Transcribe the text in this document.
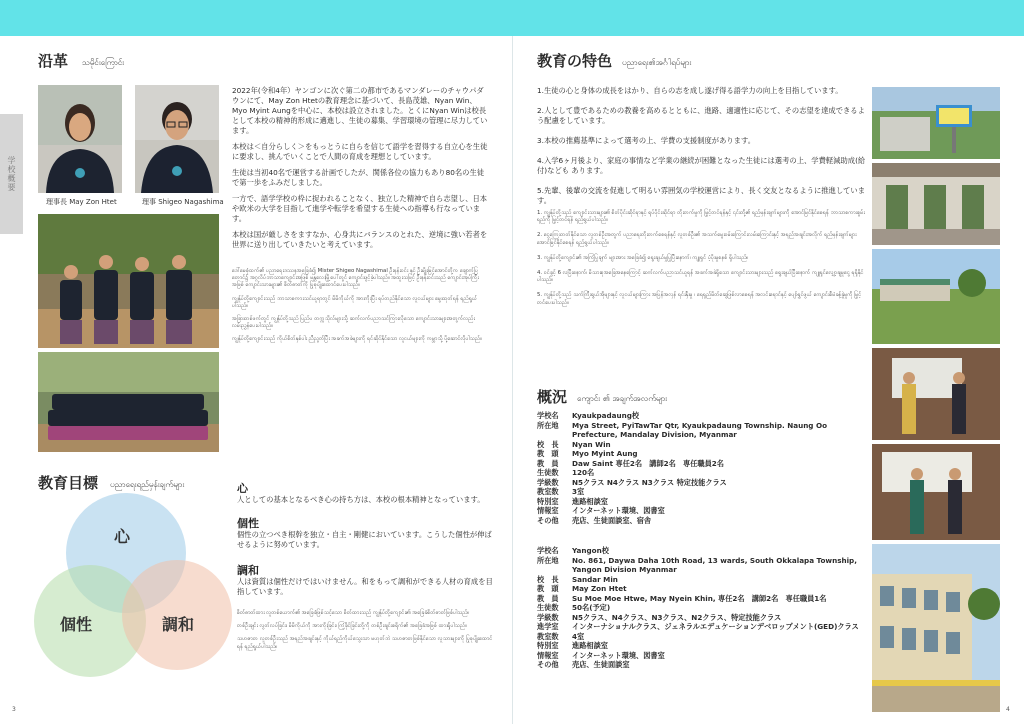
学校概要
沿革 သမိုင်းကြောင်း
理事長 May Zon Htet	理事 Shigeo Nagashima

2022年(令和4年）ヤンゴンに次ぐ第二の都市であるマンダレーのチャウパダウンにて、May Zon Htetの教育理念に基づいて、長島茂雄、Nyan Win、 Myo Myint Aungを中心に、本校は設立されました。とくにNyan Winは校長として本校の精神的形成に邁進し、生徒の募集、学習環境の管理に尽力しています。

本校は＜自分らしく＞をもっとうに自らを信じて語学を習得する自立心を生徒に要求し、挑んでいくことで人間の育成を理想としています。

生徒は当初40名で運営する計画でしたが、関係各位の協力もあり80名の生徒で第一歩をふみだしました。

一方で、語学学校の枠に捉われることなく、独立した精神で自ら志望し、日本や欧米の大学を目指して進学や転学を希望する生徒への指導も行なっています。

本校は国が厳しさをますなか、心身共にバランスのとれた、逆境に強い若者を世界に送り出していきたいと考えています。

ဒေါ်မေစုံထက်၏ ပညာရေးဒဿနအခြေခံ၍ Mister Shigeo Nagashimal ဦးနန်းဝင်း နှင့် ဦးမျိုးမြင့်အောင်တို့က ချောက်ပြတောင်၌ အဂ္ဂလိပ်ဘာသာကျောင်းအဖြစ် မန္တလေးမြို့ပေါ်တွင် ကျောင်းဖွင့်ခဲ့ပါသည်။ အထူးသဖြင့် ဦးနန်းဝင်းသည် ကျောင်းအုပ်ကြီးအဖြစ် ကျောင်းသားများ၏ စိတ်ဓာတ်ကို ပြုစုပျိုးထောင်ပေးပါသည်။

ကျွန်ုပ်တို့ကျောင်းသည် ဘာသာစကားသင်ယူရာတွင် မိမိကိုယ်ကို အားကိုးပြီး ရပ်တည်နိုင်သော လူငယ်များ မွေးထုတ်ရန် ရည်ရွယ်ပါသည်။

အခြားတစ်ဖက်တွင် ကျွန်ုပ်တို့သည် ပြည်ပ တက္ကသိုလ်များသို့ ဆက်လက်ပညာသင်ကြားလိုသော ကျောင်းသားများအတွက်လည်း လမ်းညွှန်ပေးပါသည်။

ကျွန်ုပ်တို့ကျောင်းသည် ကိုယ်စိတ်နှစ်ပါး ညီညွတ်ပြီး အခက်အခဲများကို ရင်ဆိုင်နိုင်သော လူငယ်များကို ကမ္ဘာသို့ ပို့ဆောင်လိုပါသည်။

教育目標 ပညာရေးရည်မှန်းချက်များ
心
個性	調和
心
人としての基本となるべき心の持ち方は、本校の根本精神となっています。
個性
個性の立つべき根幹を独立・自主・剛健においています。こうした個性が伸ばせるように努めています。
調和
人は資質は個性だけではいけません。和をもって調和ができる人材の育成を目指しています。

စိတ်ဓာတ်ထား လူတစ်ယောက်၏ အခြေခံဖြစ်သင့်သော စိတ်ထားသည် ကျွန်ုပ်တို့ကျောင်း၏ အခြေခံစိတ်ဓာတ်ဖြစ်ပါသည်။

တစ်ဦးချင်း လွတ်လပ်ခြင်း၊ မိမိကိုယ်ကို အားကိုးခြင်း၊ ကြံ့ခိုင်ခြင်းတို့ကို တစ်ဦးချင်းစရိုက်၏ အခြေခံအဖြစ် ထားရှိပါသည်။

သဟဇာတ လူတစ်ဦးသည် အရည်အချင်းနှင့် ကိုယ်ရည်ကိုယ်သွေးသာ မဟုတ်ဘဲ သဟဇာတဖြစ်နိုင်သော လူသားများကို ပြုစုပျိုးထောင်ရန် ရည်ရွယ်ပါသည်။

3
教育の特色 ပညာရေး၏အင်္ဂါရပ်များ

1.生徒の心と身体の成長をはかり、自らの志を成し遂げ得る語学力の向上を目指しています。

2.人として豊であるための教養を高めるとともに、進路、適適性に応じて、その志望を達成できるよう配慮をしています。

3.本校の推薦基準によって選考の上、学費の支援制度があります。

4.入学6ヶ月後より、家庭の事情など学業の継続が困難となった生徒には選考の上、学費軽減助成(給付)なども あります。

5.先輩、後輩の交流を促進して明るい雰囲気の学校運営により、長く交友となるように推進しています。

1. ကျွန်ုပ်တို့သည် ကျောင်းသားများ၏ စိတ်ပိုင်းဆိုင်ရာနှင့် ရုပ်ပိုင်းဆိုင်ရာ တိုးတက်မှုကို မြှင့်တင်ရန်နှင့် ၎င်းတို့၏ ရည်မှန်းချက်များကို အောင်မြင်နိုင်စေရန် ဘာသာစကားစွမ်းရည်ကို မြှင့်တင်ရန် ရည်ရွယ်ပါသည်။

2. ငွေကြေးတတ်နိုင်သော လူတစ်ဦးအတွက် ပညာရေးတိုးတက်စေရန်နှင့် လူတစ်ဦး၏ အသက်မွေးဝမ်းကြောင်းလမ်းကြောင်းနှင့် အရည်အချင်းအလိုက် ရည်မှန်းချက်များ အောင်မြင်နိုင်စေရန် ရည်ရွယ်ပါသည်။

3. ကျွန်ုပ်တို့ကျောင်း၏ အကြံပြုချက် များအား အခြေခံ၍ ရွေးချယ်မှုပြုပြီးနောက်၊ ကျူရှင် ပံ့ပိုးမှုစနစ် ရှိပါသည်။

4. ဝင်ခွင့် 6 လပြီးနောက်၊ မိသားစုအခြေအနေကြောင့် ဆက်လက်ပညာသင်ယူရန် အခက်အခဲရှိသော ကျောင်းသားများသည် ရွေးချယ်ပြီးနောက် ကျူရှင်လျှော့ချမှုငွေ ရရှိနိုင်ပါသည်။

5. ကျွန်ုပ်တို့သည် သက်ကြီးရွယ်အိုများနှင့် လူငယ်များကြား အပြန်အလှန် ရင်းနှီးမှု ၊ ရေရှည်မိတ်ဆွေဖြစ်လာစေရန် အလင်းရောင်နှင့် ပျော်ရွှင်ဖွယ် ကျောင်းစီမံခန့်ခွဲမှုကို မြှင့်တင်ပေးပါသည်။

概況 ကျောင်း ၏ အချက်အလက်များ
学校名	Kyaukpadaung校
所在地	Mya Street, PyiTawTar Qtr, Kyaukpadaung Township. Naung Oo Prefecture, Mandalay Division, Myanmar
校　長	Nyan Win
教　頭	Myo Myint Aung
教　員	Daw Saint 専任2名　講師2名　専任職員2名
生徒数	120名
学級数	N5クラス N4クラス N3クラス 特定技能クラス
教室数	3室
特別室	進路相談室
情報室	インターネット環境、図書室
その他	売店、生徒面談室、宿舎
学校名	Yangon校
所在地	No. 861, Daywa Daha 10th Road, 13 wards, South Okkalapa Township, Yangon Division Myanmar
校　長	Sandar Min
教　頭	May Zon Htet
教　員	Su Moe Moe Htwe, May Nyein Khin, 専任2名　講師2名　専任職員1名
生徒数	50名(予定)
学級数	N5クラス、N4クラス、N3クラス、N2クラス、特定技能クラス
進学室	インターナショナルクラス、ジェネラルエデュケーションデベロップメント(GED)クラス
教室数	4室
特別室	進路相談室
情報室	インターネット環境、図書室
その他	売店、生徒面談室
4
